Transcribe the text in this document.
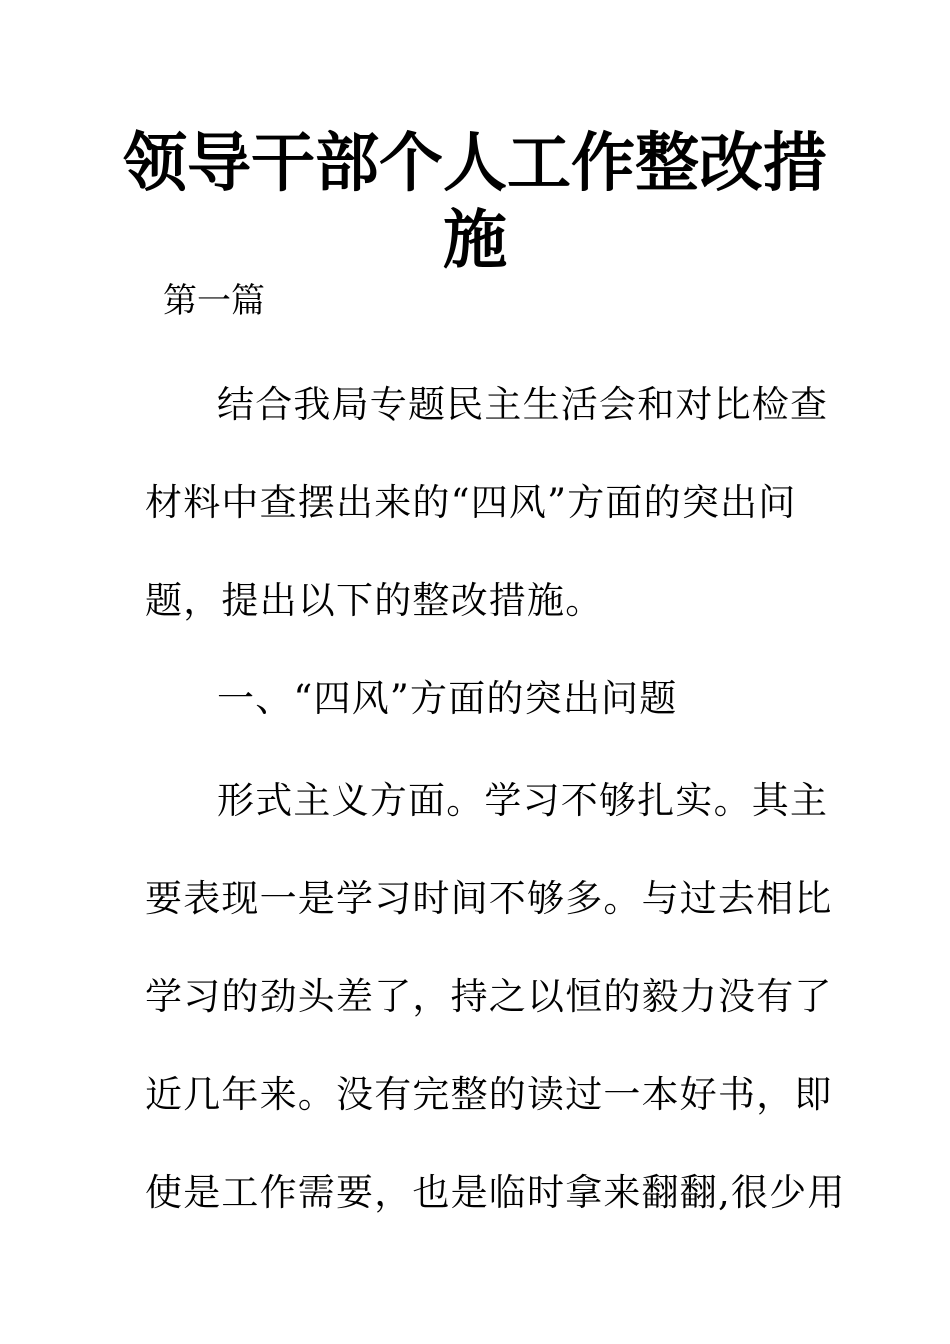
领导干部个人工作整改措
施
第一篇
结合我局专题民主生活会和对比检查
材料中查摆出来的“四风”方面的突出问
题，提出以下的整改措施。
一、“四风”方面的突出问题
形式主义方面。学习不够扎实。其主
要表现一是学习时间不够多。与过去相比
学习的劲头差了，持之以恒的毅力没有了
近几年来。没有完整的读过一本好书，即
使是工作需要，也是临时拿来翻翻,很少用
